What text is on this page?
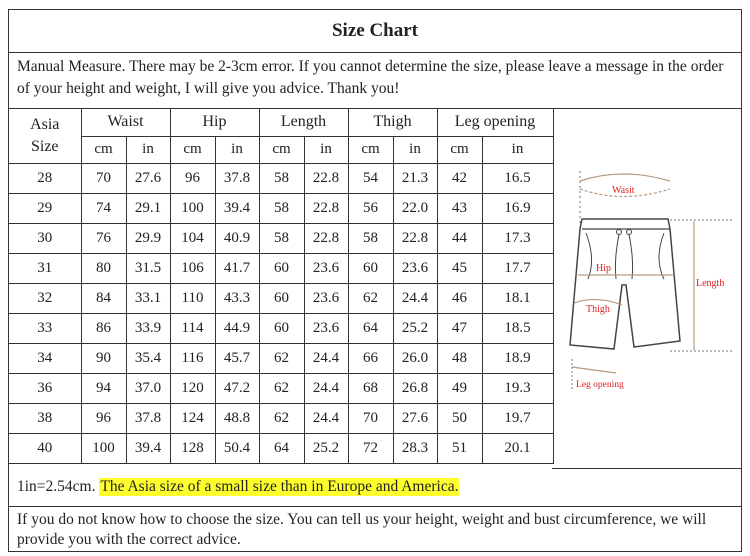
Size Chart
Manual Measure. There may be 2-3cm error. If you cannot determine the size, please leave a message in the order of your height and weight, I will give you advice. Thank you!
Asia
Size	Waist		Hip		Length		Thigh		Leg opening	
	cm	in	cm	in	cm	in	cm	in	cm	in
28	70	27.6	96	37.8	58	22.8	54	21.3	42	16.5
29	74	29.1	100	39.4	58	22.8	56	22.0	43	16.9
30	76	29.9	104	40.9	58	22.8	58	22.8	44	17.3
31	80	31.5	106	41.7	60	23.6	60	23.6	45	17.7
32	84	33.1	110	43.3	60	23.6	62	24.4	46	18.1
33	86	33.9	114	44.9	60	23.6	64	25.2	47	18.5
34	90	35.4	116	45.7	62	24.4	66	26.0	48	18.9
36	94	37.0	120	47.2	62	24.4	68	26.8	49	19.3
38	96	37.8	124	48.8	62	24.4	70	27.6	50	19.7
40	100	39.4	128	50.4	64	25.2	72	28.3	51	20.1
Wasit
Hip
Thigh
Leg opening
Length
1in=2.54cm.
The Asia size of a small size than in Europe and America.
If you do not know how to choose the size. You can tell us your height, weight and bust circumference, we will provide you with the correct advice.
